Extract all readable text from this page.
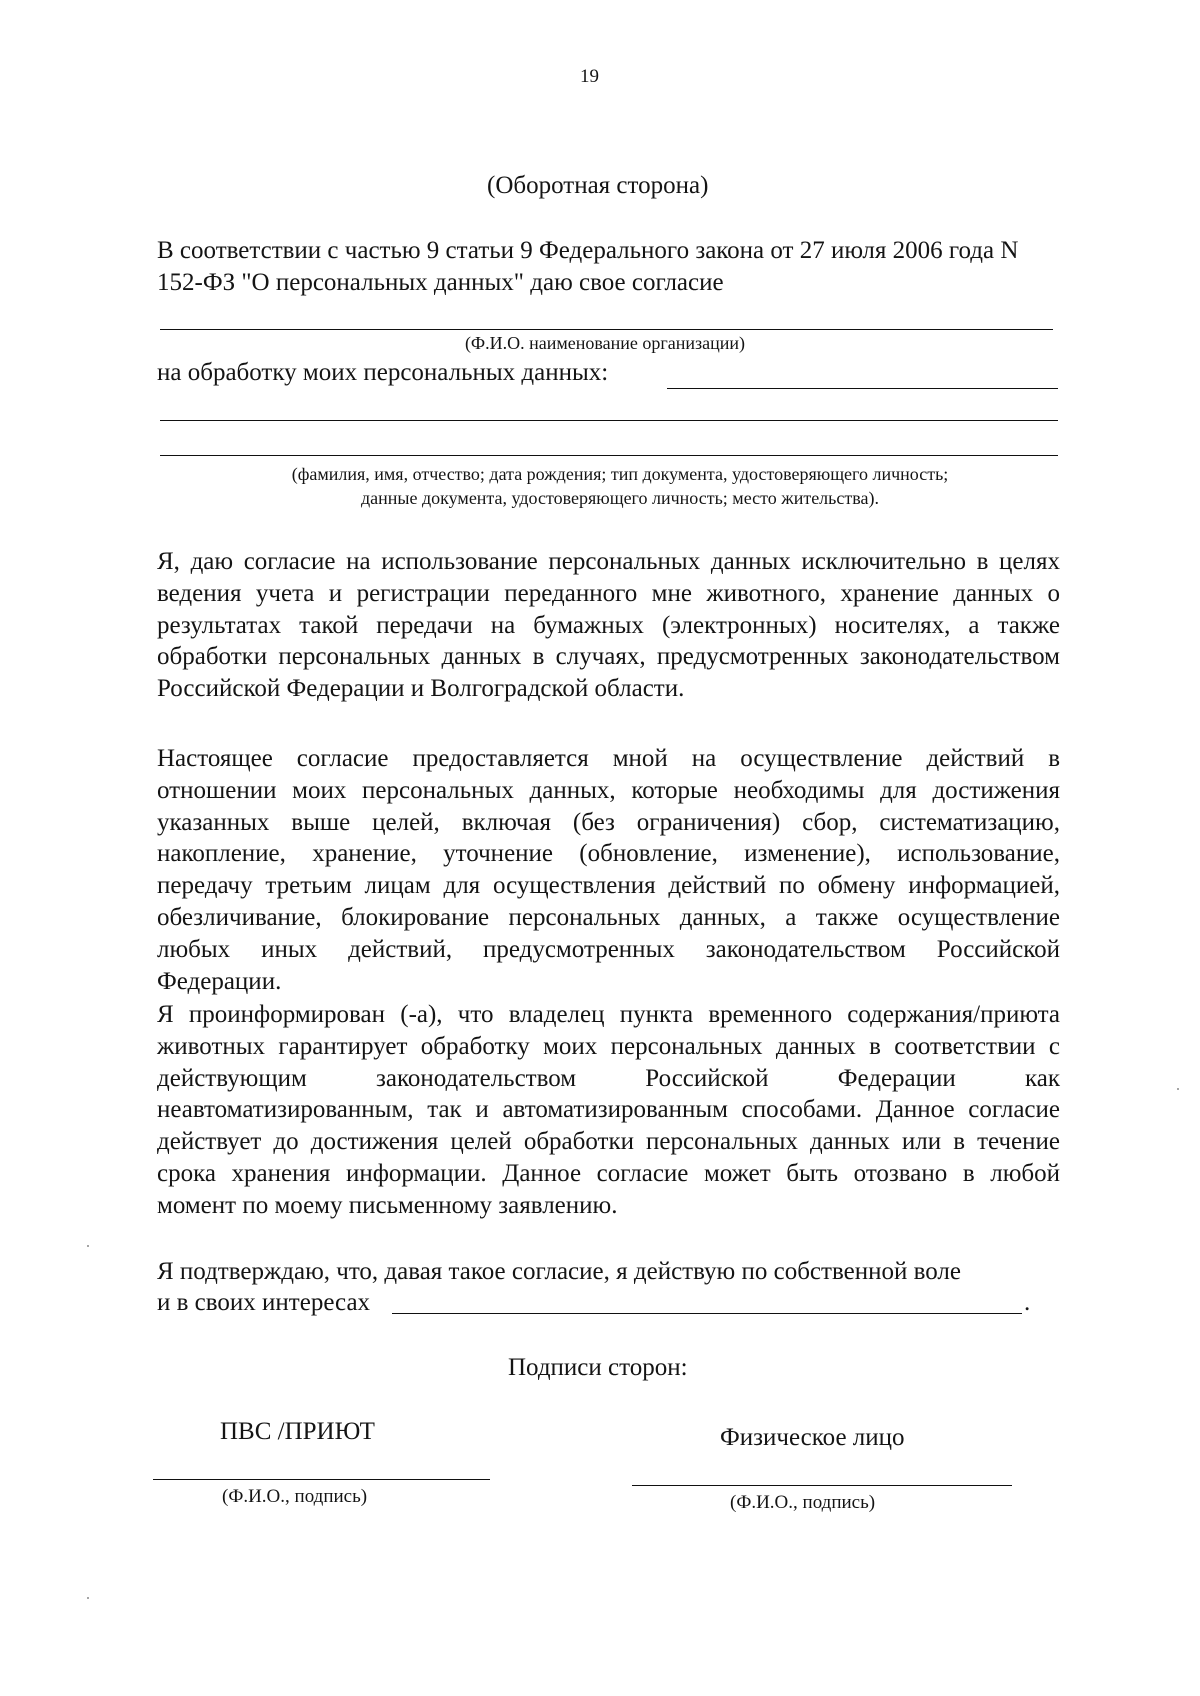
19
(Оборотная сторона)
В соответствии с частью 9 статьи 9 Федерального закона от 27 июля 2006 года N 152-ФЗ "О персональных данных" даю свое согласие
(Ф.И.О. наименование организации)
на обработку моих персональных данных:
(фамилия, имя, отчество; дата рождения; тип документа, удостоверяющего личность;
данные документа, удостоверяющего личность; место жительства).
Я, даю согласие на использование персональных данных исключительно в целях ведения учета и регистрации переданного мне животного, хранение данных о результатах такой передачи на бумажных (электронных) носителях, а также обработки персональных данных в случаях, предусмотренных законодательством Российской Федерации и Волгоградской области.
Настоящее согласие предоставляется мной на осуществление действий в отношении моих персональных данных, которые необходимы для достижения указанных выше целей, включая (без ограничения) сбор, систематизацию, накопление, хранение, уточнение (обновление, изменение), использование, передачу третьим лицам для осуществления действий по обмену информацией, обезличивание, блокирование персональных данных, а также осуществление любых иных действий, предусмотренных законодательством Российской Федерации.
Я проинформирован (-а), что владелец пункта временного содержания/приюта животных гарантирует обработку моих персональных данных в соответствии с действующим законодательством Российской Федерации как неавтоматизированным, так и автоматизированным способами. Данное согласие действует до достижения целей обработки персональных данных или в течение срока хранения информации. Данное согласие может быть отозвано в любой момент по моему письменному заявлению.
Я подтверждаю, что, давая такое согласие, я действую по собственной воле
и в своих интересах	.
Подписи сторон:
ПВС /ПРИЮТ	Физическое лицо
(Ф.И.О., подпись)	(Ф.И.О., подпись)
